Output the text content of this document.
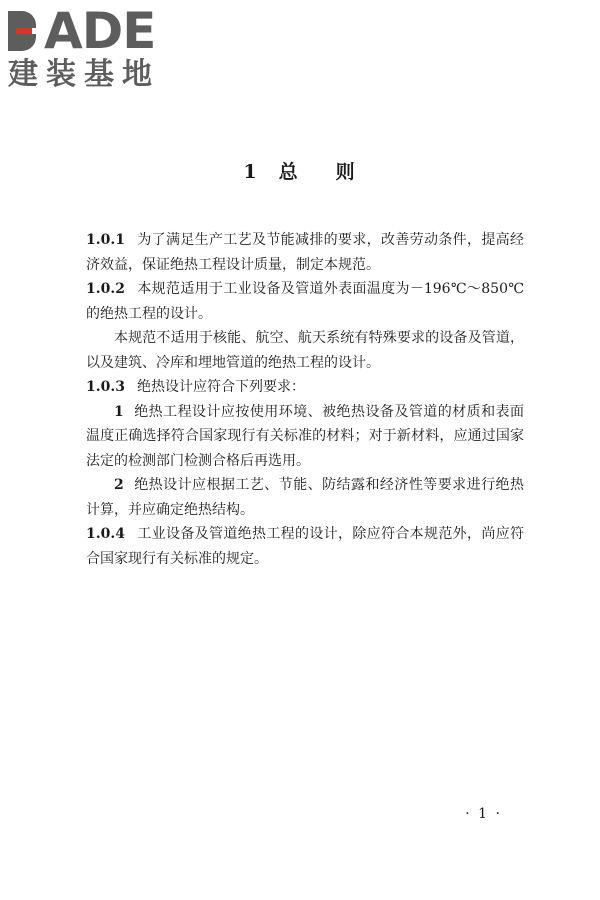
ADE
建装基地
1 总 则

1.0.1 为了满足生产工艺及节能减排的要求，改善劳动条件，提高经济效益，保证绝热工程设计质量，制定本规范。

1.0.2 本规范适用于工业设备及管道外表面温度为－196℃～850℃的绝热工程的设计。

本规范不适用于核能、航空、航天系统有特殊要求的设备及管道，以及建筑、冷库和埋地管道的绝热工程的设计。

1.0.3 绝热设计应符合下列要求：

1 绝热工程设计应按使用环境、被绝热设备及管道的材质和表面温度正确选择符合国家现行有关标准的材料；对于新材料，应通过国家法定的检测部门检测合格后再选用。

2 绝热设计应根据工艺、节能、防结露和经济性等要求进行绝热计算，并应确定绝热结构。

1.0.4 工业设备及管道绝热工程的设计，除应符合本规范外，尚应符合国家现行有关标准的规定。

· 1 ·
